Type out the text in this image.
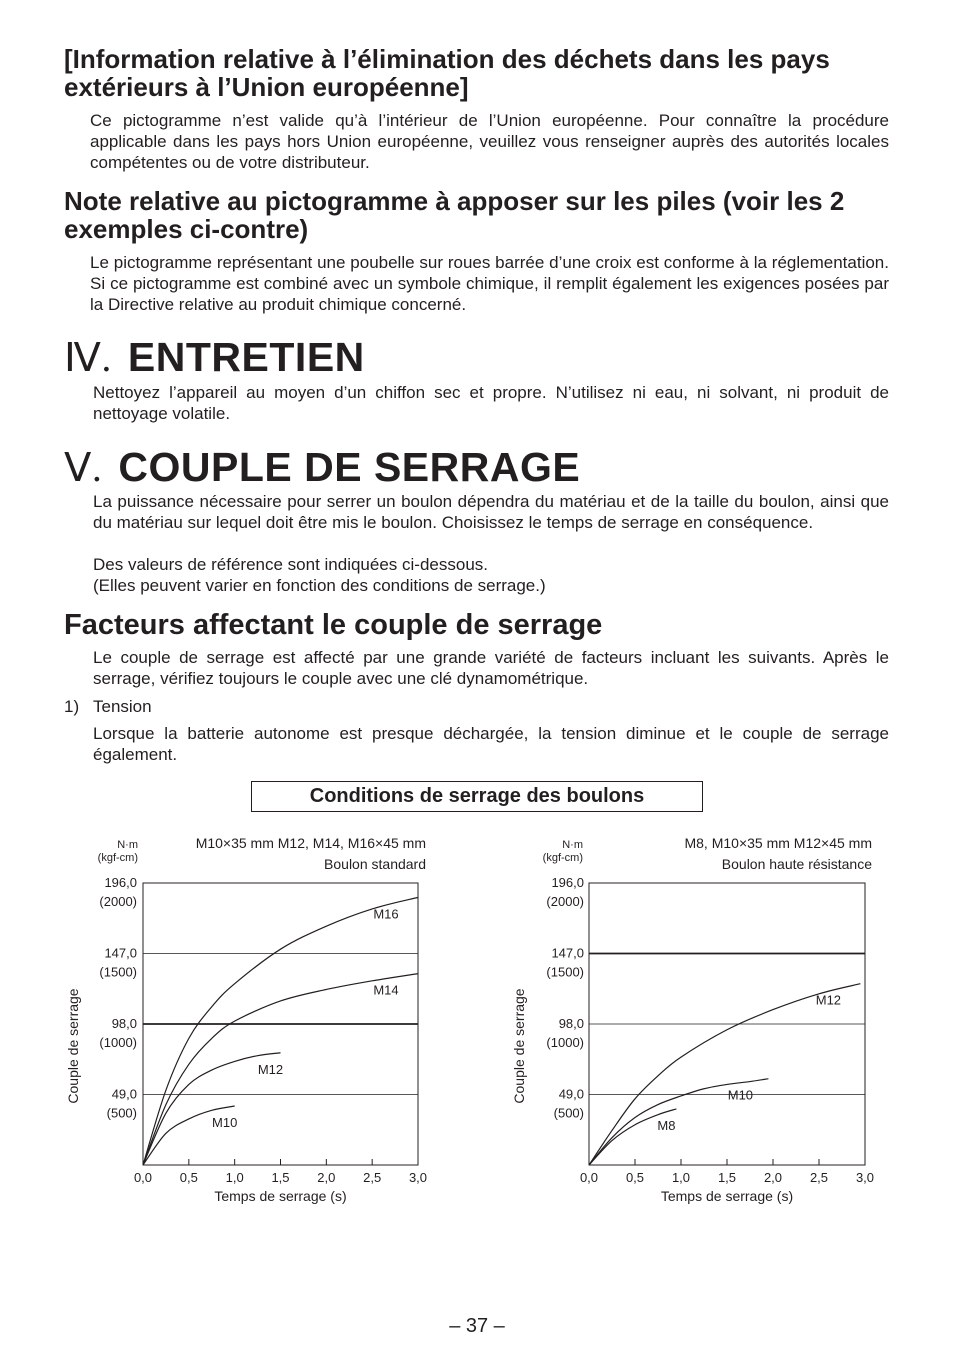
[Information relative à l’élimination des déchets dans les pays
extérieurs à l’Union européenne]

Ce pictogramme n’est valide qu’à l’intérieur de l’Union européenne. Pour connaître la procédure applicable dans les pays hors Union européenne, veuillez vous renseigner auprès des autorités locales compétentes ou de votre distributeur.

Note relative au pictogramme à apposer sur les piles (voir les 2
exemples ci-contre)

Le pictogramme représentant une poubelle sur roues barrée d’une croix est conforme à la réglementation. Si ce pictogramme est combiné avec un symbole chimique, il remplit également les exigences posées par la Directive relative au produit chimique concerné.

Ⅳ. ENTRETIEN

Nettoyez l’appareil au moyen d’un chiffon sec et propre. N’utilisez ni eau, ni solvant, ni produit de nettoyage volatile.

Ⅴ. COUPLE DE SERRAGE

La puissance nécessaire pour serrer un boulon dépendra du matériau et de la taille du boulon, ainsi que du matériau sur lequel doit être mis le boulon. Choisissez le temps de serrage en conséquence.

Des valeurs de référence sont indiquées ci-dessous.

(Elles peuvent varier en fonction des conditions de serrage.)

Facteurs affectant le couple de serrage

Le couple de serrage est affecté par une grande variété de facteurs incluant les suivants. Après le serrage, vérifiez toujours le couple avec une clé dynamométrique.

1) Tension

Lorsque la batterie autonome est presque déchargée, la tension diminue et le couple de serrage également.

Conditions de serrage des boulons
49,0
(500)
98,0
(1000)
147,0
(1500)
196,0
(2000)
0,0 0,5 1,0 1,5 2,0 2,5 3,0
Temps de serrage (s)
Couple de serrage
N·m
(kgf-cm)
M10×35 mm M12, M14, M16×45 mm
Boulon standard
M16
M14
M12
M10
49,0
(500)
98,0
(1000)
147,0
(1500)
196,0
(2000)
0,0 0,5 1,0 1,5 2,0 2,5 3,0
Temps de serrage (s)
Couple de serrage
N·m
(kgf-cm)
M8, M10×35 mm M12×45 mm
Boulon haute résistance
M12
M10
M8
– 37 –
